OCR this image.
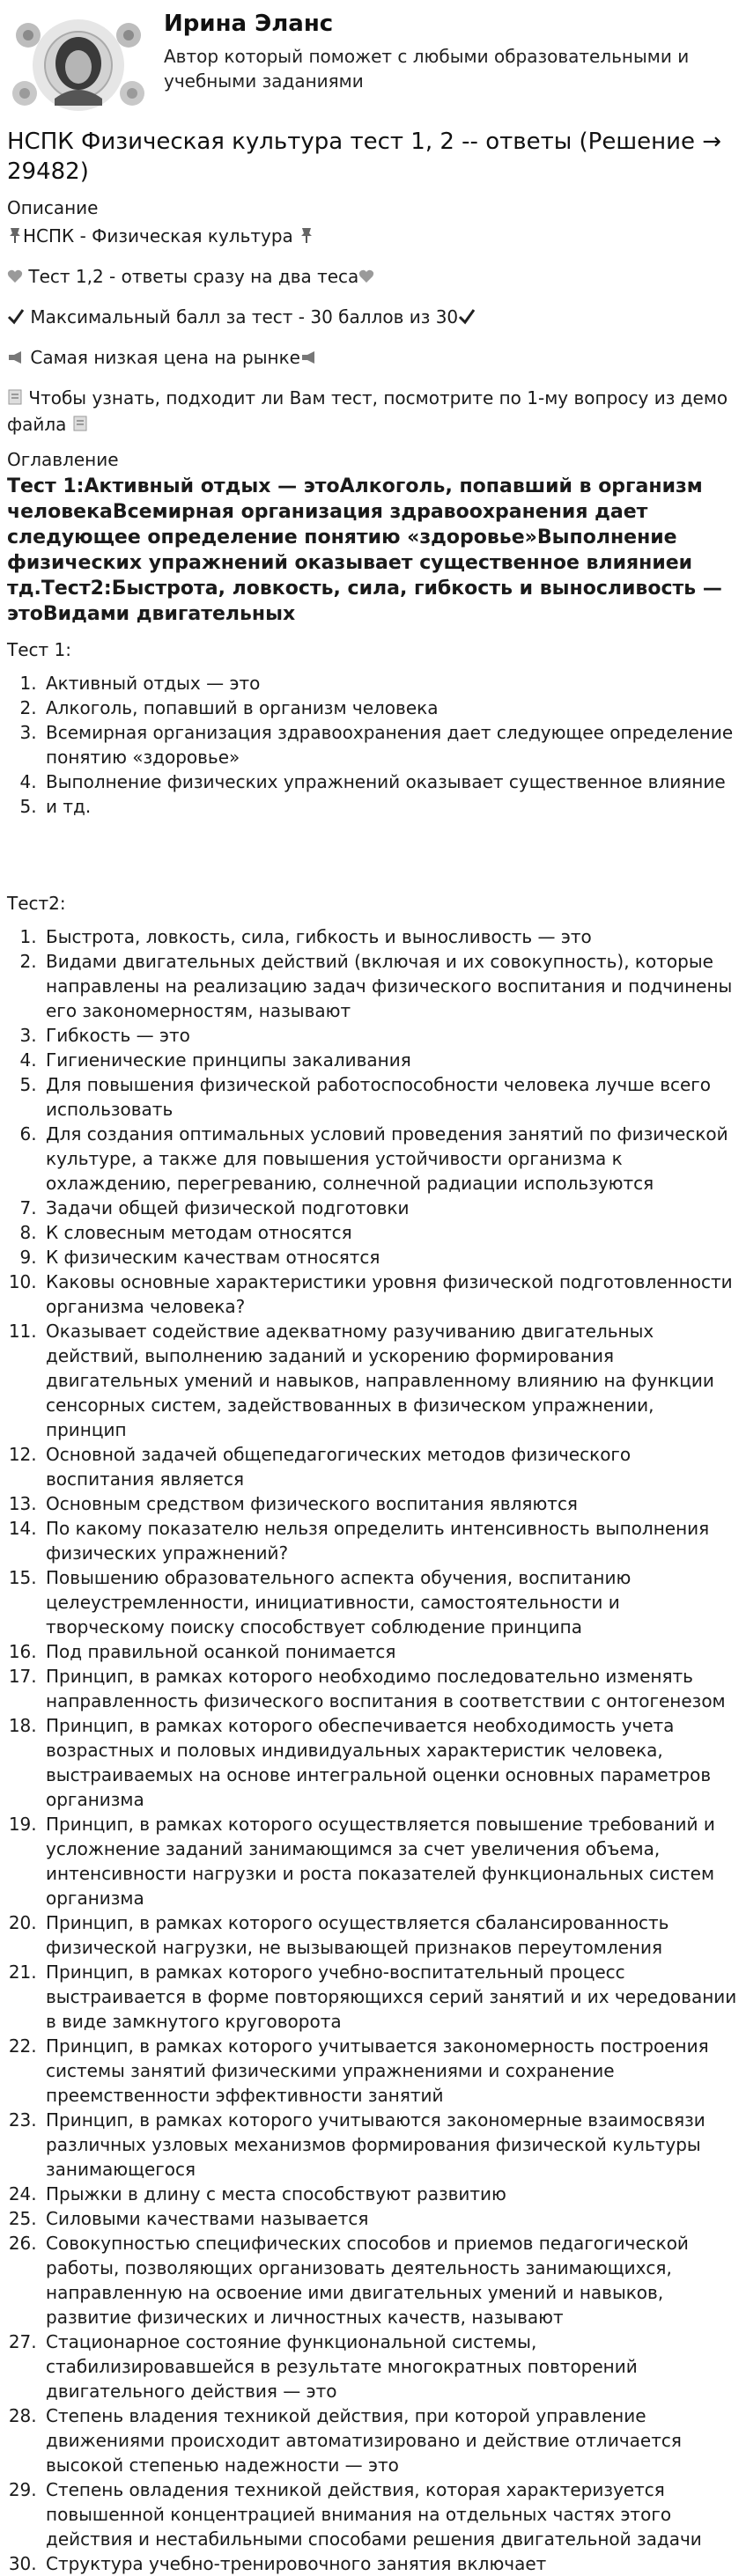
Ирина Эланс
Автор который поможет с любыми образовательными и учебными заданиями
НСПК Физическая культура тест 1, 2 -- ответы (Решение → 29482)
Описание
НСПК - Физическая культура
Тест 1,2 - ответы сразу на два теса
Максимальный балл за тест - 30 баллов из 30
Самая низкая цена на рынке
Чтобы узнать, подходит ли Вам тест, посмотрите по 1-му вопросу из демо файла
Оглавление
Тест 1:Активный отдых — этоАлкоголь, попавший в организм человекаВсемирная организация здравоохранения дает следующее определение понятию «здоровье»Выполнение физических упражнений оказывает существенное влияниеи тд.Тест2:Быстрота, ловкость, сила, гибкость и выносливость — этоВидами двигательных
Тест 1:
1. Активный отдых — это
2. Алкоголь, попавший в организм человека
3. Всемирная организация здравоохранения дает следующее определение понятию «здоровье»
4. Выполнение физических упражнений оказывает существенное влияние
5. и тд.
Тест2:
1. Быстрота, ловкость, сила, гибкость и выносливость — это
2. Видами двигательных действий (включая и их совокупность), которые направлены на реализацию задач физического воспитания и подчинены его закономерностям, называют
3. Гибкость — это
4. Гигиенические принципы закаливания
5. Для повышения физической работоспособности человека лучше всего использовать
6. Для создания оптимальных условий проведения занятий по физической культуре, а также для повышения устойчивости организма к охлаждению, перегреванию, солнечной радиации используются
7. Задачи общей физической подготовки
8. К словесным методам относятся
9. К физическим качествам относятся
10. Каковы основные характеристики уровня физической подготовленности организма человека?
11. Оказывает содействие адекватному разучиванию двигательных действий, выполнению заданий и ускорению формирования двигательных умений и навыков, направленному влиянию на функции сенсорных систем, задействованных в физическом упражнении, принцип
12. Основной задачей общепедагогических методов физического воспитания является
13. Основным средством физического воспитания являются
14. По какому показателю нельзя определить интенсивность выполнения физических упражнений?
15. Повышению образовательного аспекта обучения, воспитанию целеустремленности, инициативности, самостоятельности и творческому поиску способствует соблюдение принципа
16. Под правильной осанкой понимается
17. Принцип, в рамках которого необходимо последовательно изменять направленность физического воспитания в соответствии с онтогенезом
18. Принцип, в рамках которого обеспечивается необходимость учета возрастных и половых индивидуальных характеристик человека, выстраиваемых на основе интегральной оценки основных параметров организма
19. Принцип, в рамках которого осуществляется повышение требований и усложнение заданий занимающимся за счет увеличения объема, интенсивности нагрузки и роста показателей функциональных систем организма
20. Принцип, в рамках которого осуществляется сбалансированность физической нагрузки, не вызывающей признаков переутомления
21. Принцип, в рамках которого учебно-воспитательный процесс выстраивается в форме повторяющихся серий занятий и их чередовании в виде замкнутого круговорота
22. Принцип, в рамках которого учитывается закономерность построения системы занятий физическими упражнениями и сохранение преемственности эффективности занятий
23. Принцип, в рамках которого учитываются закономерные взаимосвязи различных узловых механизмов формирования физической культуры занимающегося
24. Прыжки в длину с места способствуют развитию
25. Силовыми качествами называется
26. Совокупностью специфических способов и приемов педагогической работы, позволяющих организовать деятельность занимающихся, направленную на освоение ими двигательных умений и навыков, развитие физических и личностных качеств, называют
27. Стационарное состояние функциональной системы, стабилизировавшейся в результате многократных повторений двигательного действия — это
28. Степень владения техникой действия, при которой управление движениями происходит автоматизировано и действие отличается высокой степенью надежности — это
29. Степень овладения техникой действия, которая характеризуется повышенной концентрацией внимания на отдельных частях этого действия и нестабильными способами решения двигательной задачи
30. Структура учебно-тренировочного занятия включает
